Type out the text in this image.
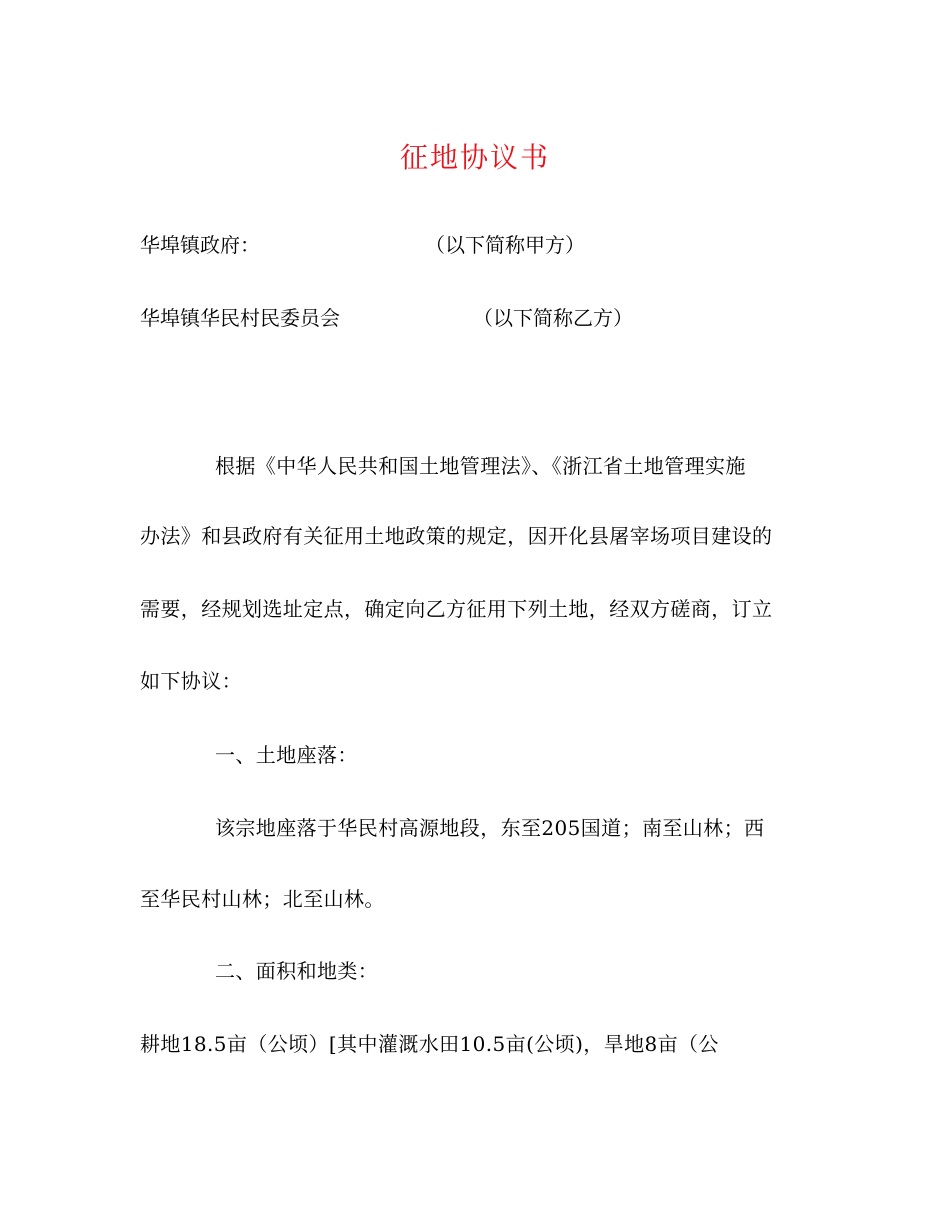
征地协议书
华埠镇政府：	（以下简称甲方）
华埠镇华民村民委员会	（以下简称乙方）
根据《中华人民共和国土地管理法》、《浙江省土地管理实施
办法》和县政府有关征用土地政策的规定，因开化县屠宰场项目建设的
需要，经规划选址定点，确定向乙方征用下列土地，经双方磋商，订立
如下协议：
一、土地座落：
该宗地座落于华民村高源地段，东至205国道；南至山林；西
至华民村山林；北至山林。
二、面积和地类：
耕地18.5亩（公顷）[其中灌溉水田10.5亩(公顷)，旱地8亩（公
